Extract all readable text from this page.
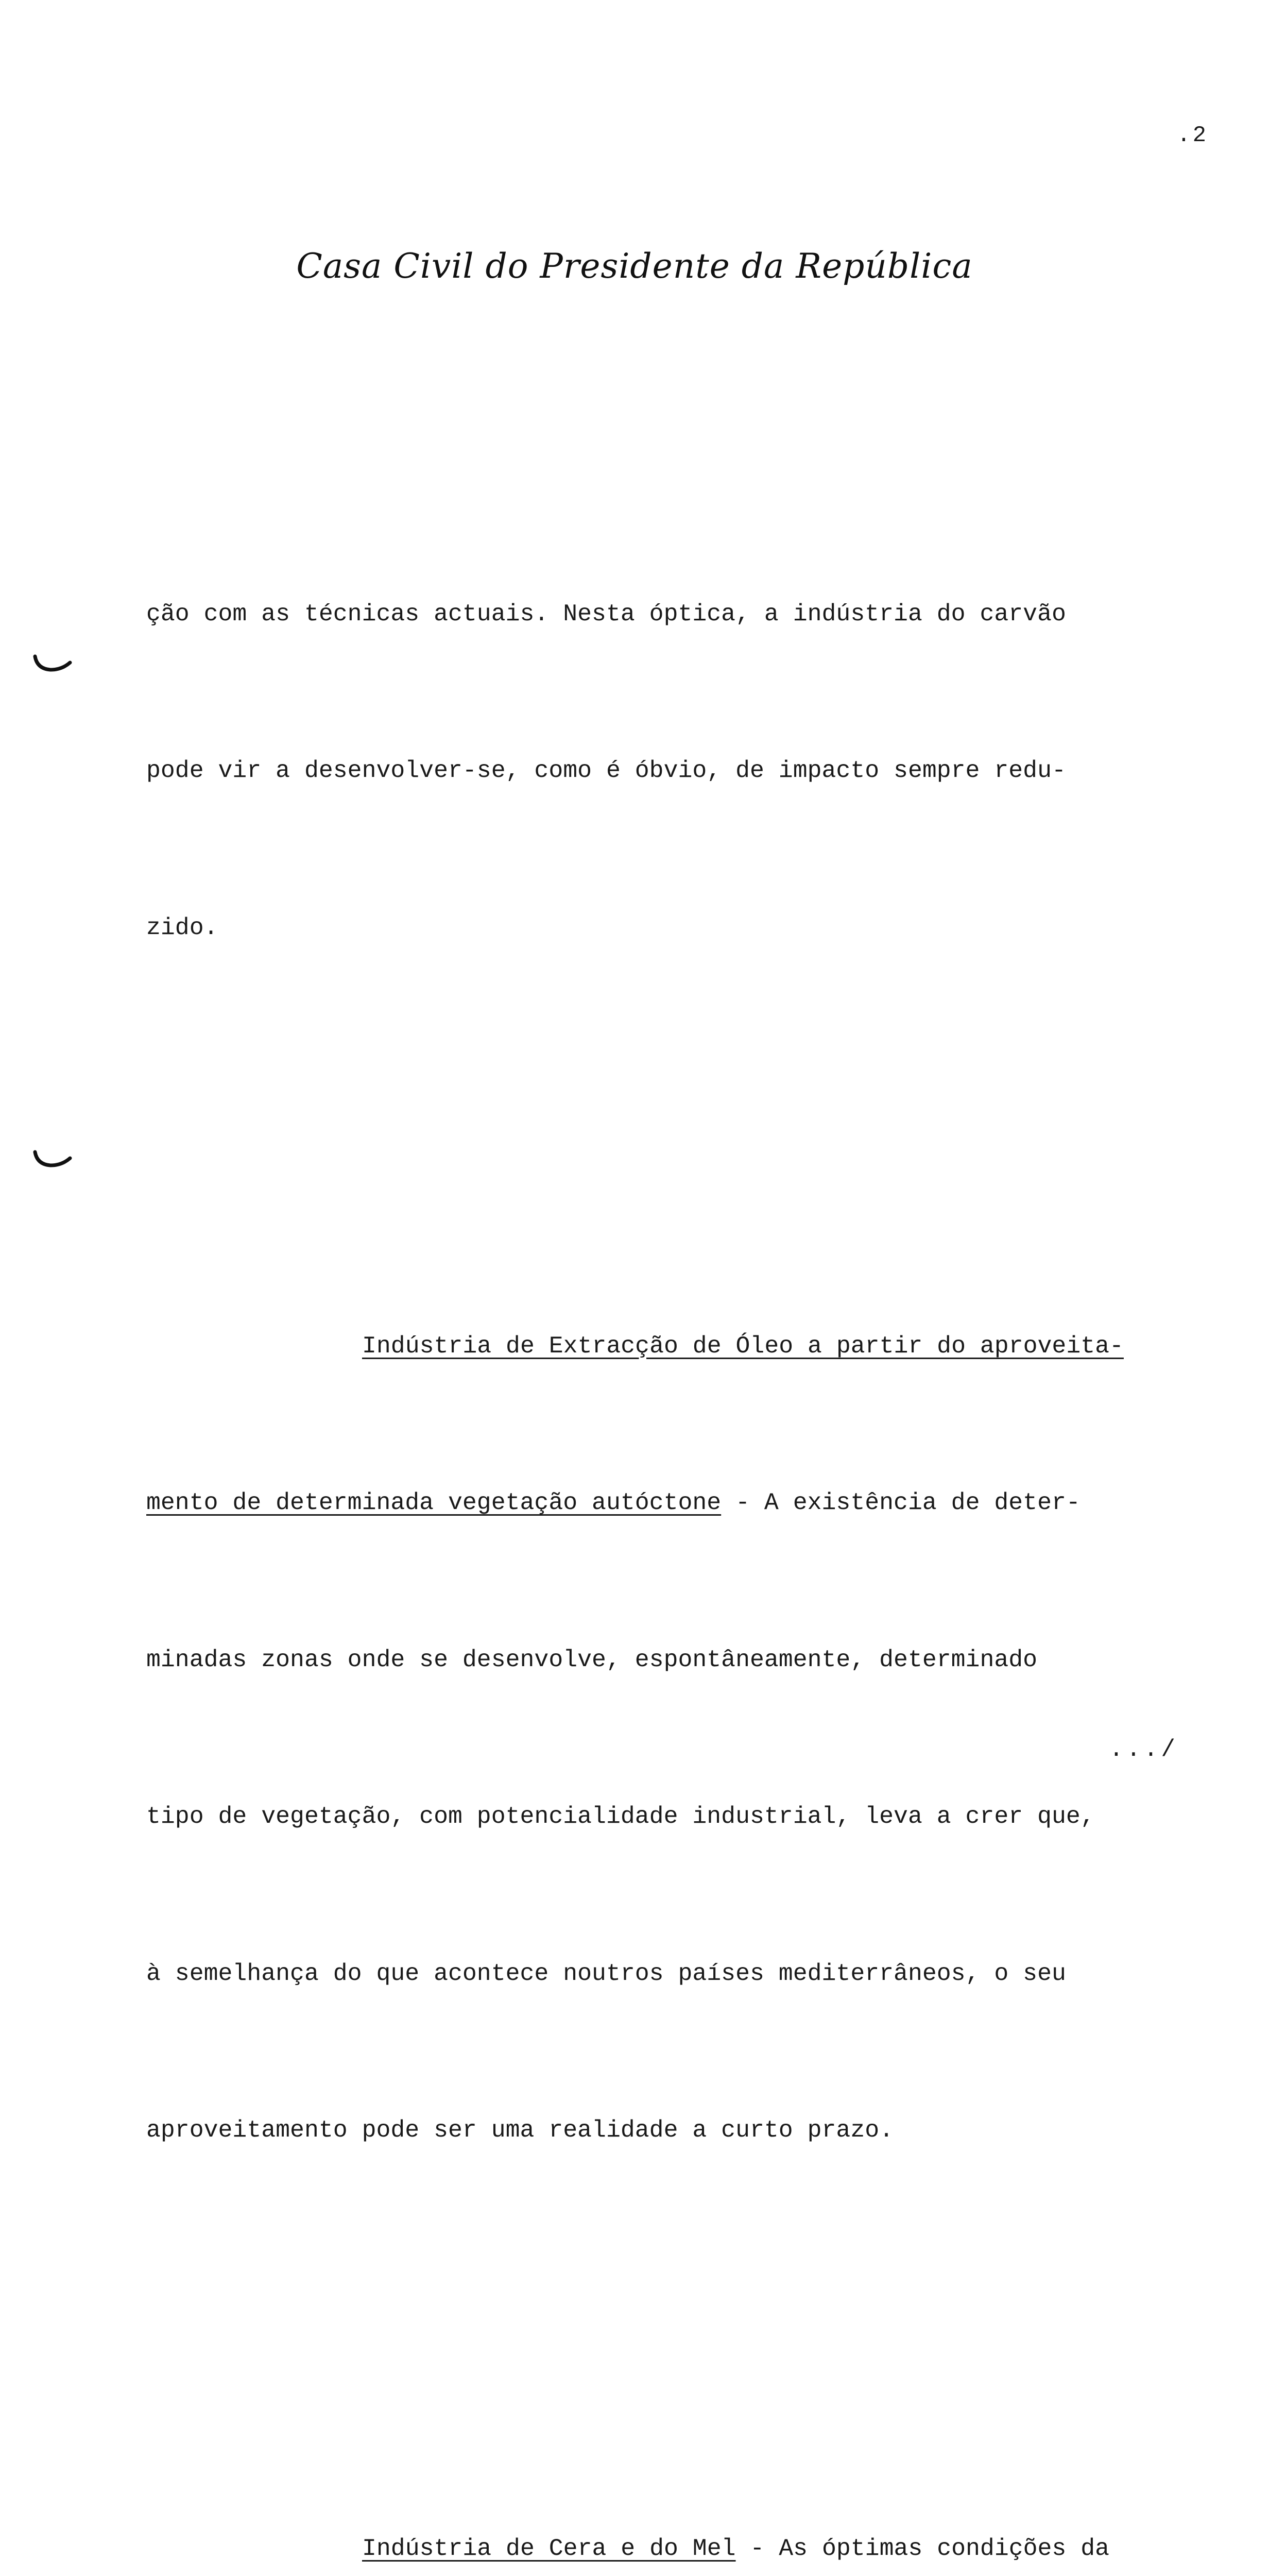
.2
Casa Civil do Presidente da República

ção com as técnicas actuais. Nesta óptica, a indústria do carvão

pode vir a desenvolver-se, como é óbvio, de impacto sempre redu-

zido.

Indústria de Extracção de Óleo a partir do aproveita-

mento de determinada vegetação autóctone - A existência de deter-

minadas zonas onde se desenvolve, espontâneamente, determinado

tipo de vegetação, com potencialidade industrial, leva a crer que,

à semelhança do que acontece noutros países mediterrâneos, o seu

aproveitamento pode ser uma realidade a curto prazo.

Indústria de Cera e do Mel - As óptimas condições da

.../
